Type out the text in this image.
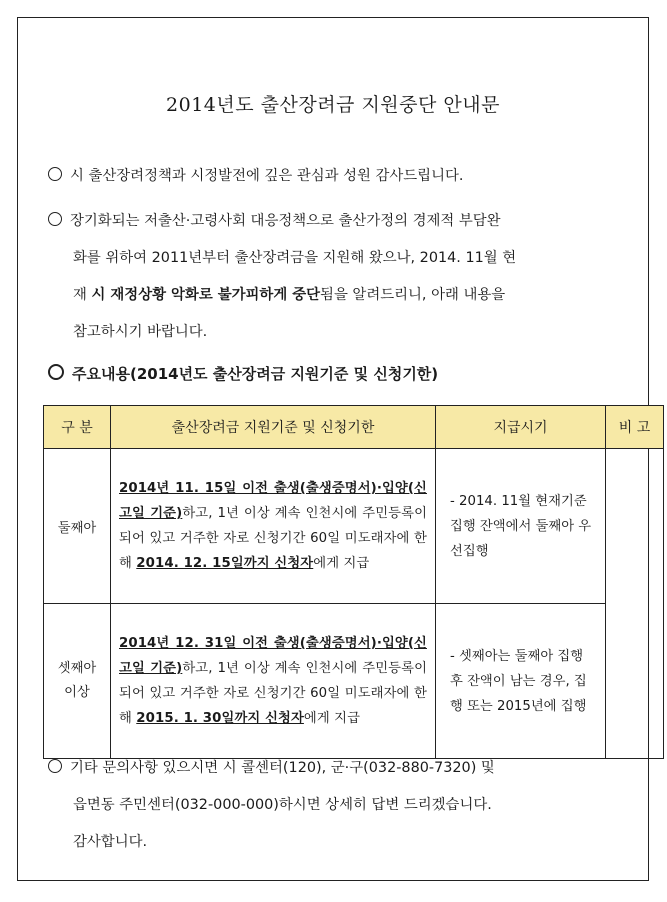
2014년도 출산장려금 지원중단 안내문
시 출산장려정책과 시정발전에 깊은 관심과 성원 감사드립니다.
장기화되는 저출산·고령사회 대응정책으로 출산가정의 경제적 부담완
화를 위하여 2011년부터 출산장려금을 지원해 왔으나, 2014. 11월 현
재 시 재정상황 악화로 불가피하게 중단됨을 알려드리니, 아래 내용을
참고하시기 바랍니다.
주요내용(2014년도 출산장려금 지원기준 및 신청기한)
구 분	출산장려금 지원기준 및 신청기한	지급시기	비 고
둘째아	2014년 11. 15일 이전 출생(출생증명서)·입양(신고일 기준)하고, 1년 이상 계속 인천시에 주민등록이 되어 있고 거주한 자로 신청기간 60일 미도래자에 한해 2014. 12. 15일까지 신청자에게 지급	- 2014. 11월 현재기준 집행 잔액에서 둘째아 우선집행	
셋째아
이상	2014년 12. 31일 이전 출생(출생증명서)·입양(신고일 기준)하고, 1년 이상 계속 인천시에 주민등록이 되어 있고 거주한 자로 신청기간 60일 미도래자에 한해 2015. 1. 30일까지 신청자에게 지급	- 셋째아는 둘째아 집행후 잔액이 남는 경우, 집행 또는 2015년에 집행	
기타 문의사항 있으시면 시 콜센터(120), 군·구(032-880-7320) 및
읍면동 주민센터(032-000-000)하시면 상세히 답변 드리겠습니다.
감사합니다.
